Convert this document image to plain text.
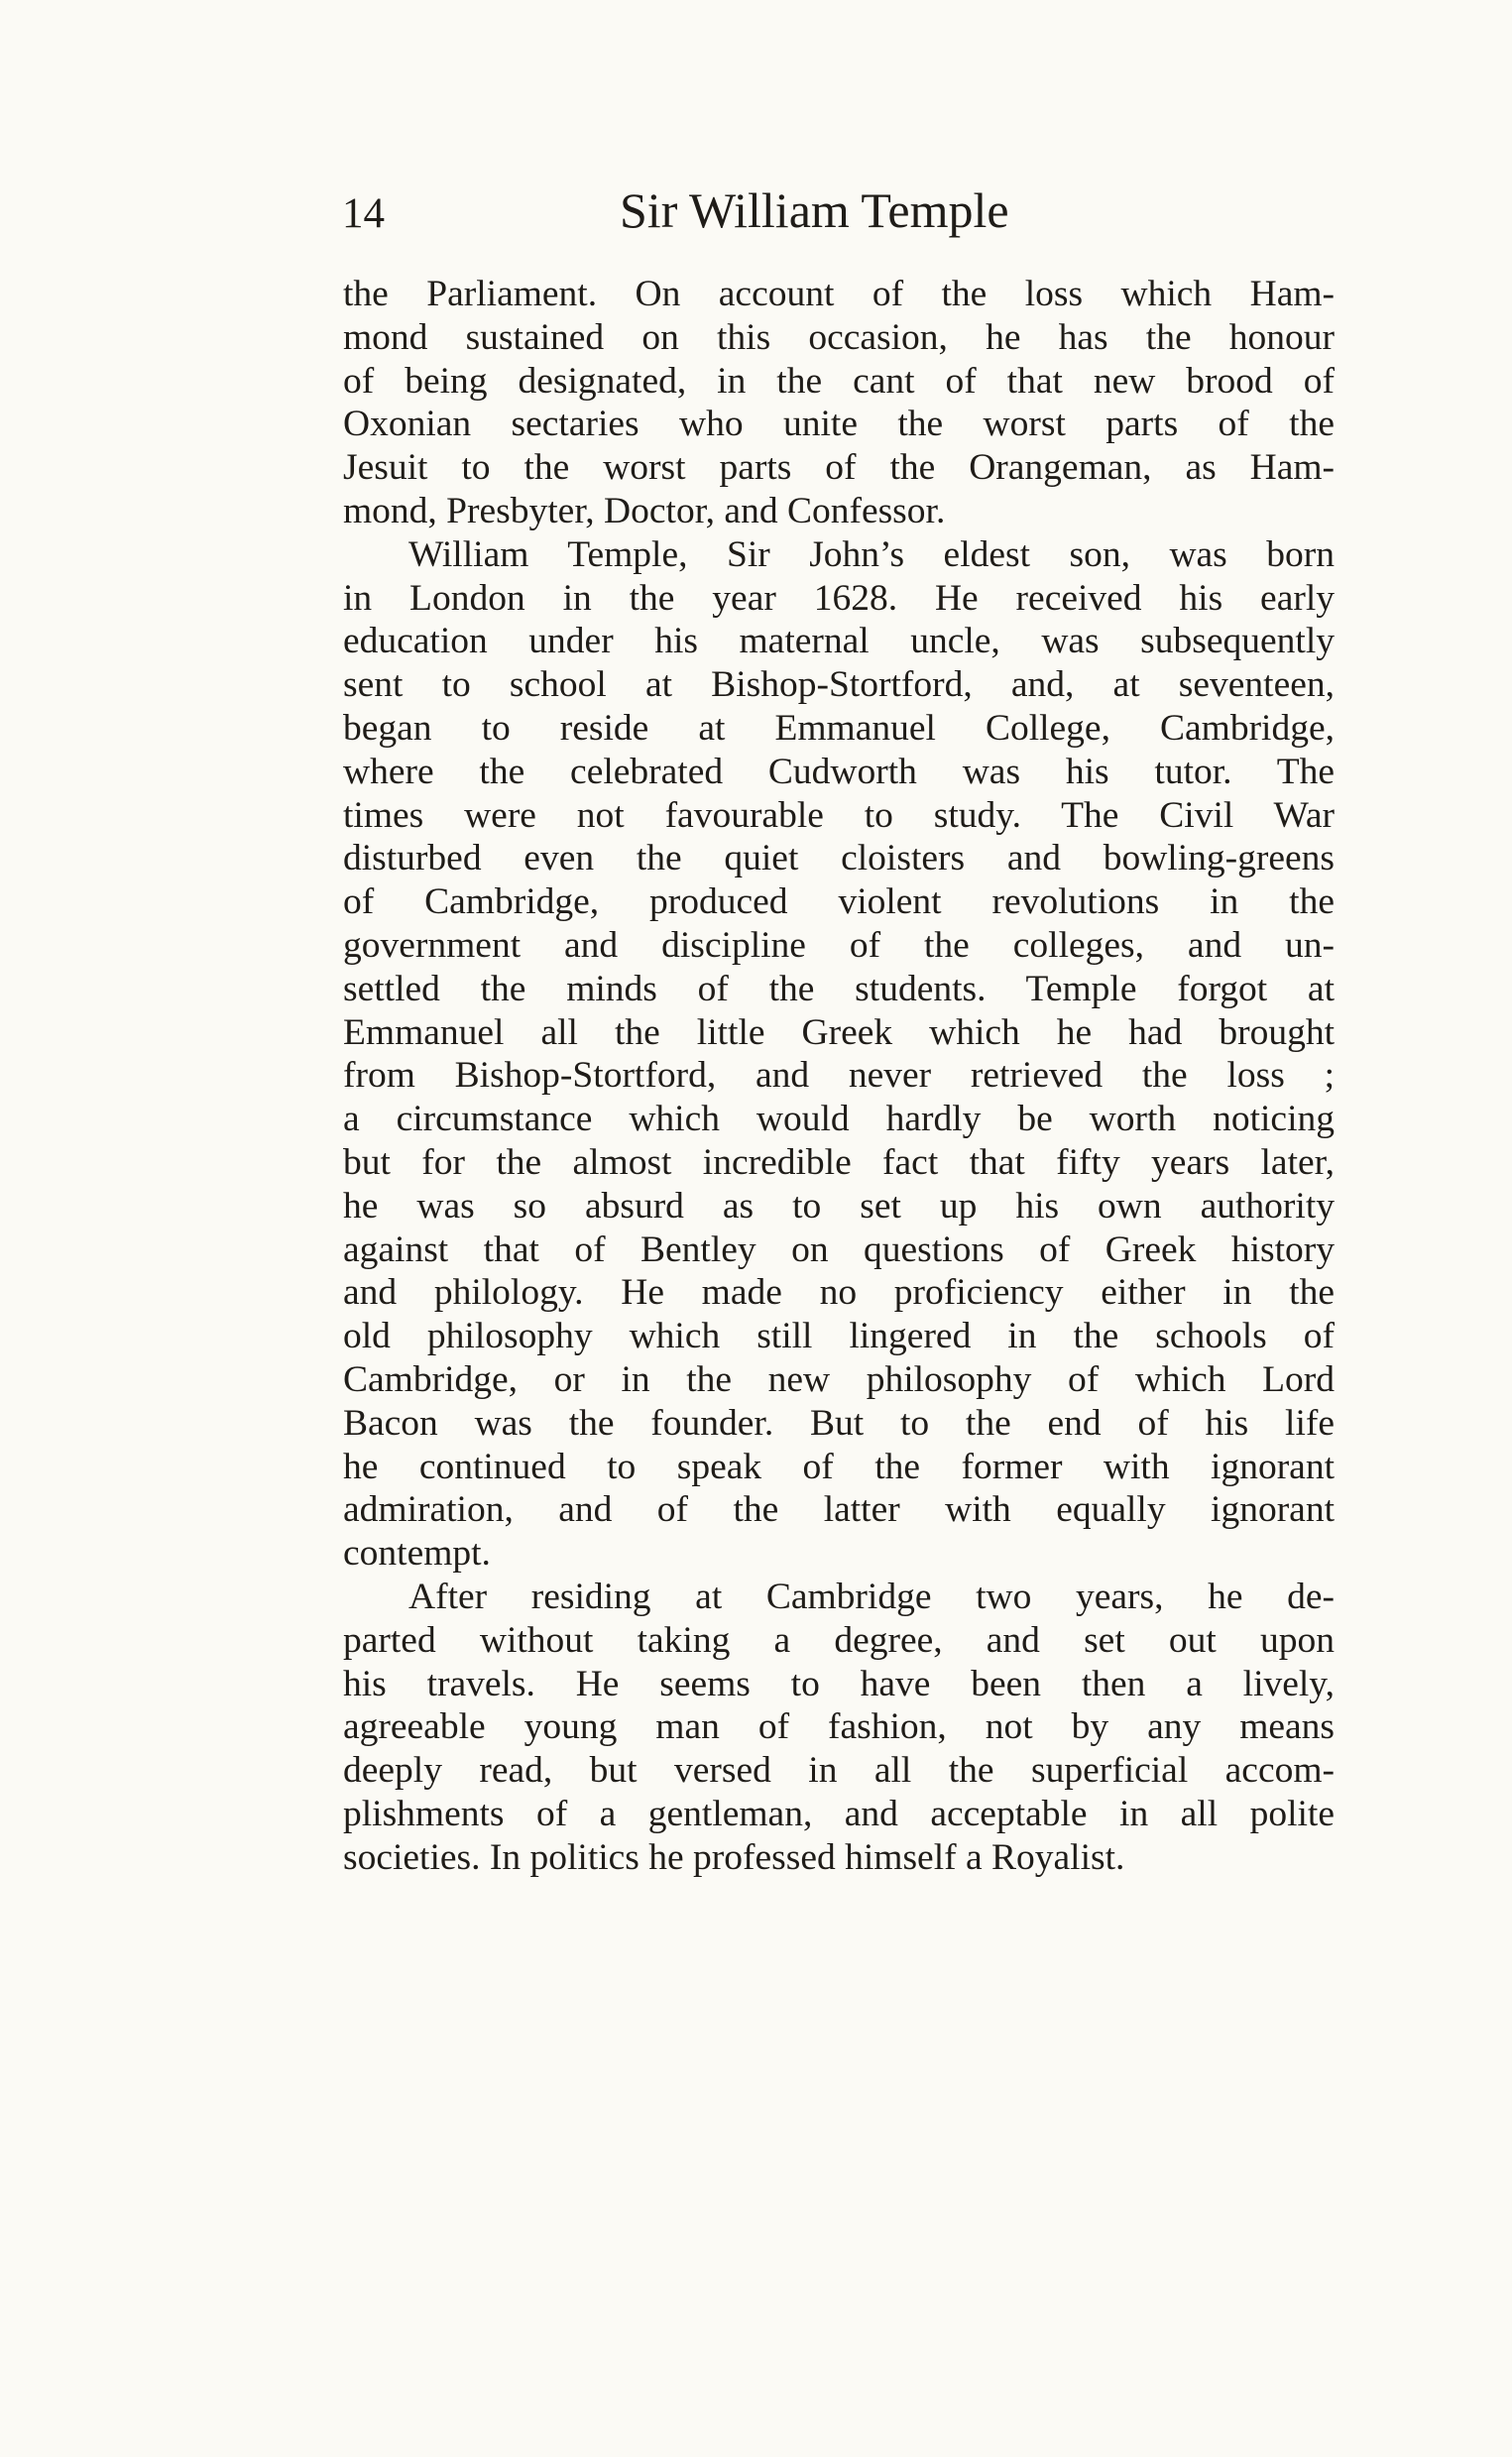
14	Sir William Temple
the Parliament. On account of the loss which Ham-
mond sustained on this occasion, he has the honour
of being designated, in the cant of that new brood of
Oxonian sectaries who unite the worst parts of the
Jesuit to the worst parts of the Orangeman, as Ham-
mond, Presbyter, Doctor, and Confessor.
William Temple, Sir John’s eldest son, was born
in London in the year 1628. He received his early
education under his maternal uncle, was subsequently
sent to school at Bishop-Stortford, and, at seventeen,
began to reside at Emmanuel College, Cambridge,
where the celebrated Cudworth was his tutor. The
times were not favourable to study. The Civil War
disturbed even the quiet cloisters and bowling-greens
of Cambridge, produced violent revolutions in the
government and discipline of the colleges, and un-
settled the minds of the students. Temple forgot at
Emmanuel all the little Greek which he had brought
from Bishop-Stortford, and never retrieved the loss ;
a circumstance which would hardly be worth noticing
but for the almost incredible fact that fifty years later,
he was so absurd as to set up his own authority
against that of Bentley on questions of Greek history
and philology. He made no proficiency either in the
old philosophy which still lingered in the schools of
Cambridge, or in the new philosophy of which Lord
Bacon was the founder. But to the end of his life
he continued to speak of the former with ignorant
admiration, and of the latter with equally ignorant
contempt.
After residing at Cambridge two years, he de-
parted without taking a degree, and set out upon
his travels. He seems to have been then a lively,
agreeable young man of fashion, not by any means
deeply read, but versed in all the superficial accom-
plishments of a gentleman, and acceptable in all polite
societies. In politics he professed himself a Royalist.
